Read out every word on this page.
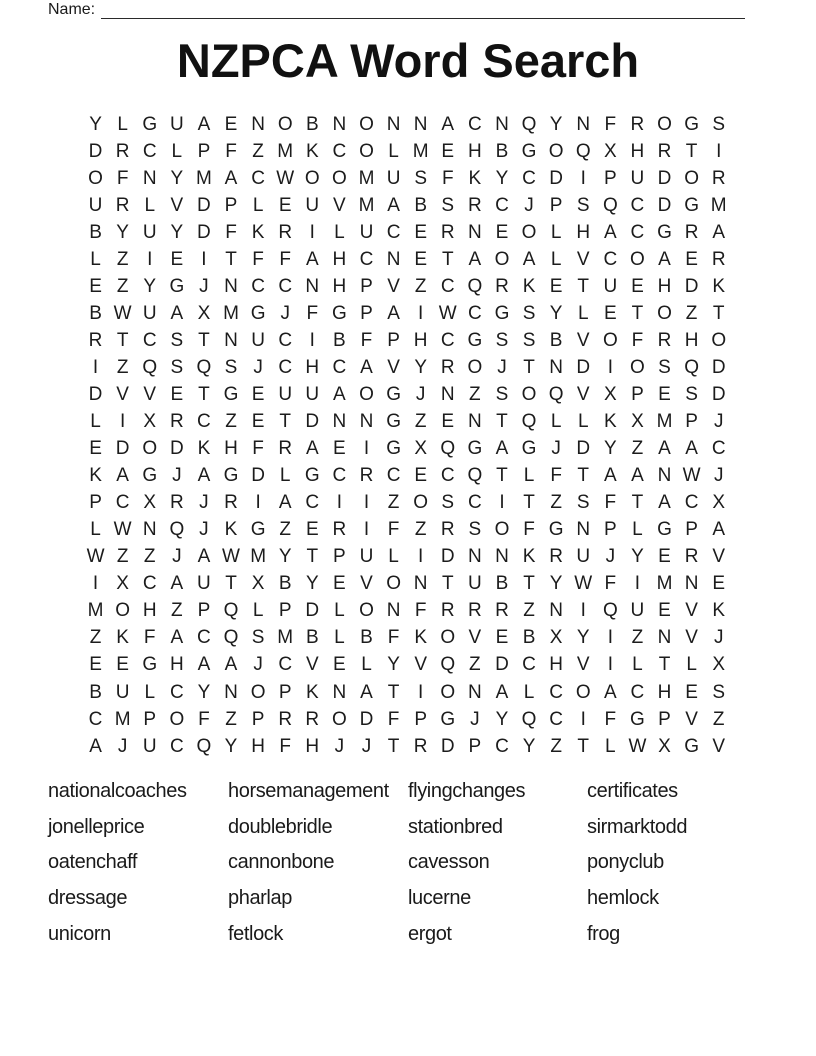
Name:
NZPCA Word Search
Y L G U A E N O B N O N N A C N Q Y N F R O G S
D R C L P F Z M K C O L M E H B G O Q X H R T I
O F N Y M A C W O O M U S F K Y C D I P U D O R
U R L V D P L E U V M A B S R C J P S Q C D G M
B Y U Y D F K R I	L U C E R N E O L H A C G R A
L Z I E I T F F A H C N E T A O A L V C O A E R
E Z Y G J N C C N H P V Z C Q R K E T U E H D K
B W U A X M G J F G P A I W C G S Y L E T O Z T
R T C S T N U C I B F P H C G S S B V O F R H O
I Z Q S Q S J C H C A V Y R O J T N D I O S Q D
D V V E T G E U U A O G J N Z S O Q V X P E S D
L	I X R C Z E T D N N G Z E N T Q L L K X M P J
E D O D K H F R A E I G X Q G A G J D Y Z A A C
K A G J A G D L G C R C E C Q T L F T A A N W J
P C X R J R I A C I	I Z O S C I T Z S F T A C X
L W N Q J K G Z E R I F Z R S O F G N P L G P A
W Z Z J A W M Y T P U L	I D N N K R U J Y E R V
I X C A U T X B Y E V O N T U B T Y W F I M N E
M O H Z P Q L P D L O N F R R R Z N I Q U E V K
Z K F A C Q S M B L B F K O V E B X Y I Z N V J
E E G H A A J C V E L Y V Q Z D C H V I	L T L X
B U L C Y N O P K N A T I O N A L C O A C H E S
C M P O F Z P R R O D F P G J Y Q C I F G P V Z
A J U C Q Y H F H J J T R D P C Y Z T L W X G V
nationalcoaches
jonelleprice
oatenchaff
dressage
unicorn
horsemanagement
doublebridle
cannonbone
pharlap
fetlock
flyingchanges
stationbred
cavesson
lucerne
ergot
certificates
sirmarktodd
ponyclub
hemlock
frog
